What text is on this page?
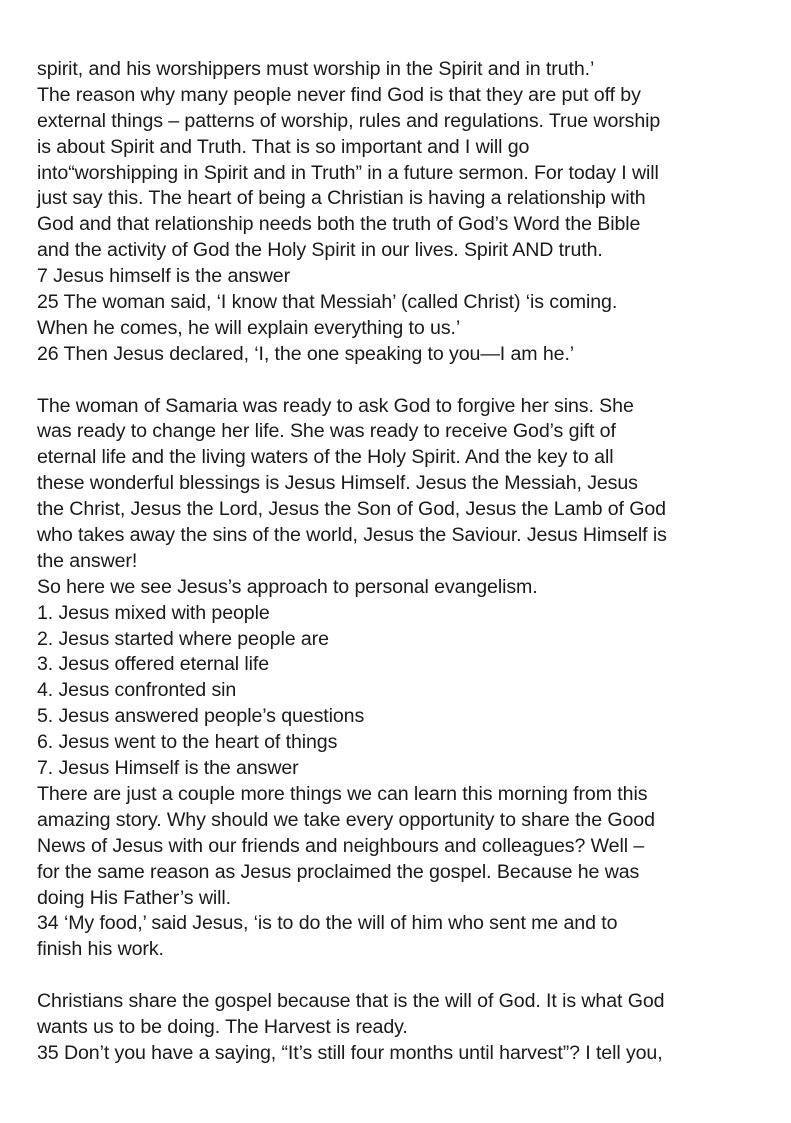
spirit, and his worshippers must worship in the Spirit and in truth.’
The reason why many people never find God is that they are put off by
external things – patterns of worship, rules and regulations. True worship
is about Spirit and Truth. That is so important and I will go
into“worshipping in Spirit and in Truth” in a future sermon. For today I will
just say this. The heart of being a Christian is having a relationship with
God and that relationship needs both the truth of God’s Word the Bible
and the activity of God the Holy Spirit in our lives. Spirit AND truth.
7 Jesus himself is the answer
25 The woman said, ‘I know that Messiah’ (called Christ) ‘is coming.
When he comes, he will explain everything to us.’
26 Then Jesus declared, ‘I, the one speaking to you—I am he.’
The woman of Samaria was ready to ask God to forgive her sins. She
was ready to change her life. She was ready to receive God’s gift of
eternal life and the living waters of the Holy Spirit. And the key to all
these wonderful blessings is Jesus Himself. Jesus the Messiah, Jesus
the Christ, Jesus the Lord, Jesus the Son of God, Jesus the Lamb of God
who takes away the sins of the world, Jesus the Saviour. Jesus Himself is
the answer!
So here we see Jesus’s approach to personal evangelism.
1. Jesus mixed with people
2. Jesus started where people are
3. Jesus offered eternal life
4. Jesus confronted sin
5. Jesus answered people’s questions
6. Jesus went to the heart of things
7. Jesus Himself is the answer
There are just a couple more things we can learn this morning from this
amazing story. Why should we take every opportunity to share the Good
News of Jesus with our friends and neighbours and colleagues? Well –
for the same reason as Jesus proclaimed the gospel. Because he was
doing His Father’s will.
34 ‘My food,’ said Jesus, ‘is to do the will of him who sent me and to
finish his work.
Christians share the gospel because that is the will of God. It is what God
wants us to be doing. The Harvest is ready.
35 Don’t you have a saying, “It’s still four months until harvest”? I tell you,
